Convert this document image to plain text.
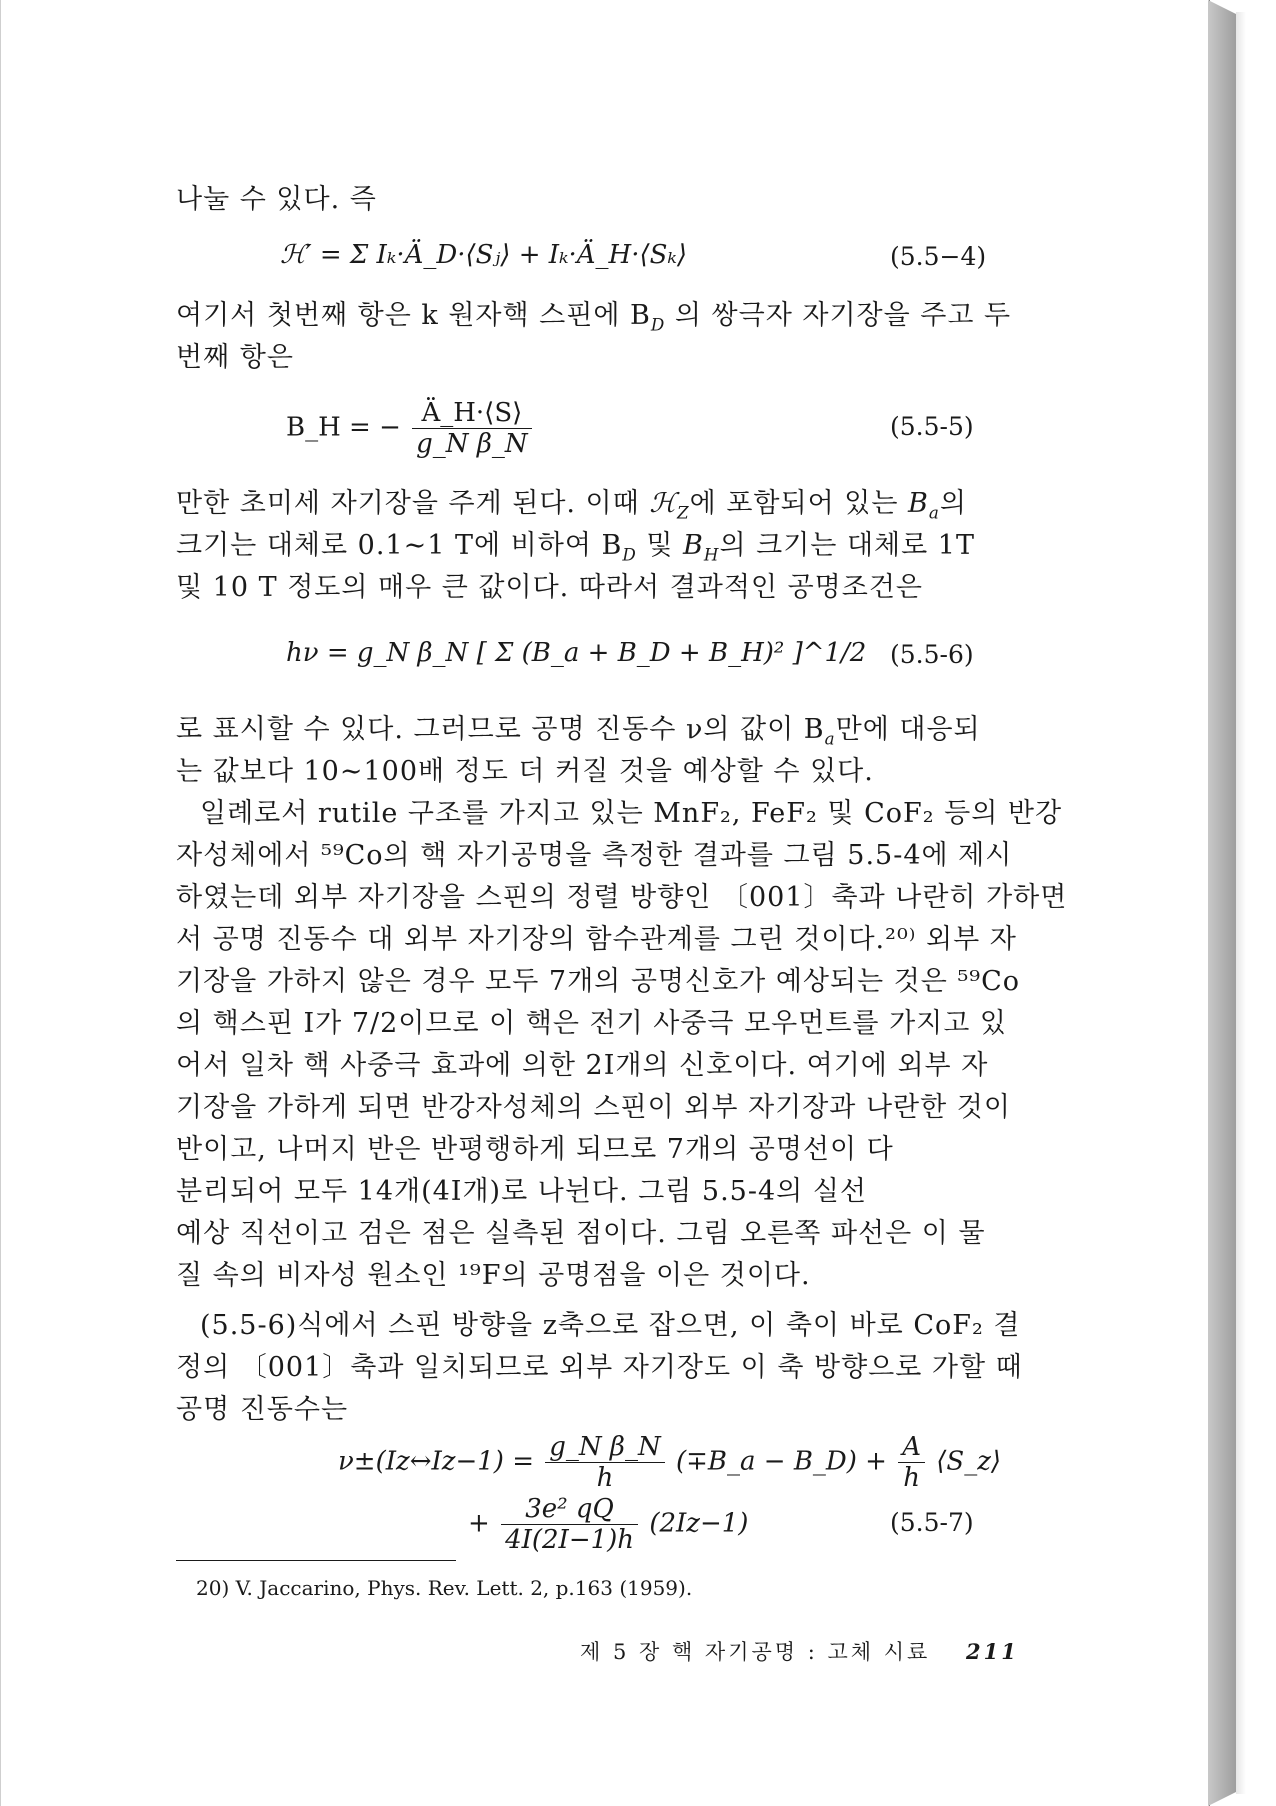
나눌 수 있다. 즉
ℋ′ = Σ Iₖ·Ä_D·⟨Sⱼ⟩ + Iₖ·Ä_H·⟨Sₖ⟩	(5.5−4)
여기서 첫번째 항은 k 원자핵 스핀에 $B_D$ 의 쌍극자 자기장을 주고 두
번째 항은
B_H = − $\frac{Ä\_H\cdot⟨S⟩}{\text{g\_N β\_N}}$	(5.5-5)
만한 초미세 자기장을 주게 된다. 이때 ℋ$_Z$에 포함되어 있는 $B_a$의
크기는 대체로 0.1∼1 T에 비하여 $B_D$ 및 $B_H$의 크기는 대체로 1T
및 10 T 정도의 매우 큰 값이다. 따라서 결과적인 공명조건은
hν = g_N β_N [ Σ (B_a + B_D + B_H)² ]^1/2 (5.5-6)
로 표시할 수 있다. 그러므로 공명 진동수 ν의 값이 $B_a$만에 대응되
는 값보다 10∼100배 정도 더 커질 것을 예상할 수 있다.
일례로서 rutile 구조를 가지고 있는 MnF₂, FeF₂ 및 CoF₂ 등의 반강
자성체에서 ⁵⁹Co의 핵 자기공명을 측정한 결과를 그림 5.5-4에 제시
하였는데 외부 자기장을 스핀의 정렬 방향인 〔001〕축과 나란히 가하면
서 공명 진동수 대 외부 자기장의 함수관계를 그린 것이다.²⁰⁾ 외부 자
기장을 가하지 않은 경우 모두 7개의 공명신호가 예상되는 것은 ⁵⁹Co
의 핵스핀 I가 7/2이므로 이 핵은 전기 사중극 모우먼트를 가지고 있
어서 일차 핵 사중극 효과에 의한 2I개의 신호이다. 여기에 외부 자
기장을 가하게 되면 반강자성체의 스핀이 외부 자기장과 나란한 것이
반이고, 나머지 반은 반평행하게 되므로 7개의 공명선이 다
분리되어 모두 14개(4I개)로 나뉜다. 그림 5.5-4의 실선
예상 직선이고 검은 점은 실측된 점이다. 그림 오른쪽 파선은 이 물
질 속의 비자성 원소인 ¹⁹F의 공명점을 이은 것이다.
(5.5-6)식에서 스핀 방향을 z축으로 잡으면, 이 축이 바로 CoF₂ 결
정의 〔001〕축과 일치되므로 외부 자기장도 이 축 방향으로 가할 때
공명 진동수는
ν±(Iz↔Iz−1) = $\frac{\text{g\_N β\_N}}{h}$ (∓B_a − B_D) + $\frac{A}{h}$ ⟨S_z⟩
+ $\frac{\text{3e² qQ}}{4I(2I-1)h} (2Iz-1)$	(5.5-7)
20) V. Jaccarino, Phys. Rev. Lett. 2, p.163 (1959).
제 5 장 핵 자기공명 : 고체 시료 211
